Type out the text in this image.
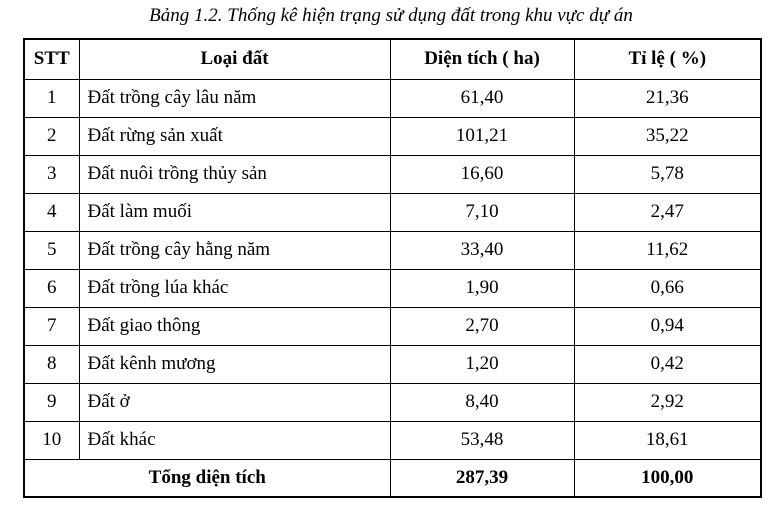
Bảng 1.2. Thống kê hiện trạng sử dụng đất trong khu vực dự án
STT	Loại đất	Diện tích ( ha)	Tỉ lệ ( %)
1	Đất trồng cây lâu năm	61,40	21,36
2	Đất rừng sản xuất	101,21	35,22
3	Đất nuôi trồng thủy sản	16,60	5,78
4	Đất làm muối	7,10	2,47
5	Đất trồng cây hằng năm	33,40	11,62
6	Đất trồng lúa khác	1,90	0,66
7	Đất giao thông	2,70	0,94
8	Đất kênh mương	1,20	0,42
9	Đất ở	8,40	2,92
10	Đất khác	53,48	18,61
Tổng diện tích		287,39	100,00
